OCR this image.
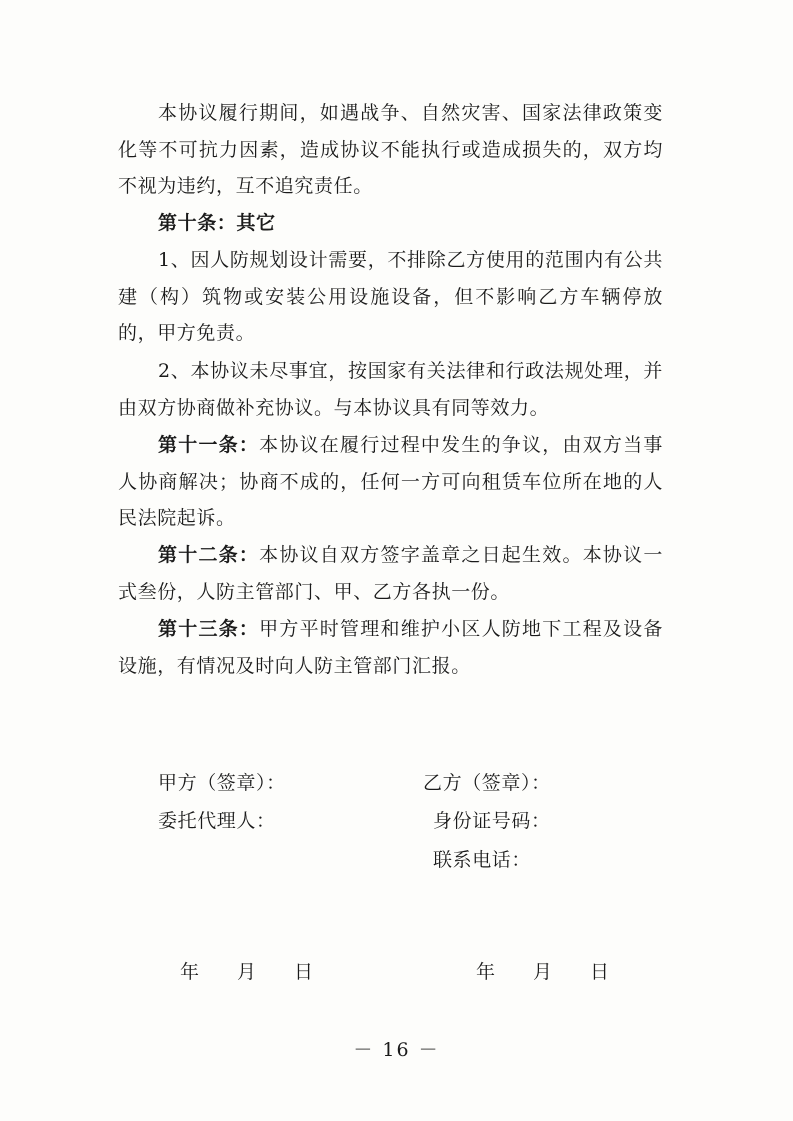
本协议履行期间，如遇战争、自然灾害、国家法律政策变化等不可抗力因素，造成协议不能执行或造成损失的，双方均不视为违约，互不追究责任。

第十条：其它

1、因人防规划设计需要，不排除乙方使用的范围内有公共建（构）筑物或安装公用设施设备，但不影响乙方车辆停放的，甲方免责。

2、本协议未尽事宜，按国家有关法律和行政法规处理，并由双方协商做补充协议。与本协议具有同等效力。

第十一条：本协议在履行过程中发生的争议，由双方当事人协商解决；协商不成的，任何一方可向租赁车位所在地的人民法院起诉。

第十二条：本协议自双方签字盖章之日起生效。本协议一式叁份，人防主管部门、甲、乙方各执一份。

第十三条：甲方平时管理和维护小区人防地下工程及设备设施，有情况及时向人防主管部门汇报。

甲方（签章）：

委托代理人：

乙方（签章）：

身份证号码：

联系电话：

年 月 日	年 月 日

－ 16 －
